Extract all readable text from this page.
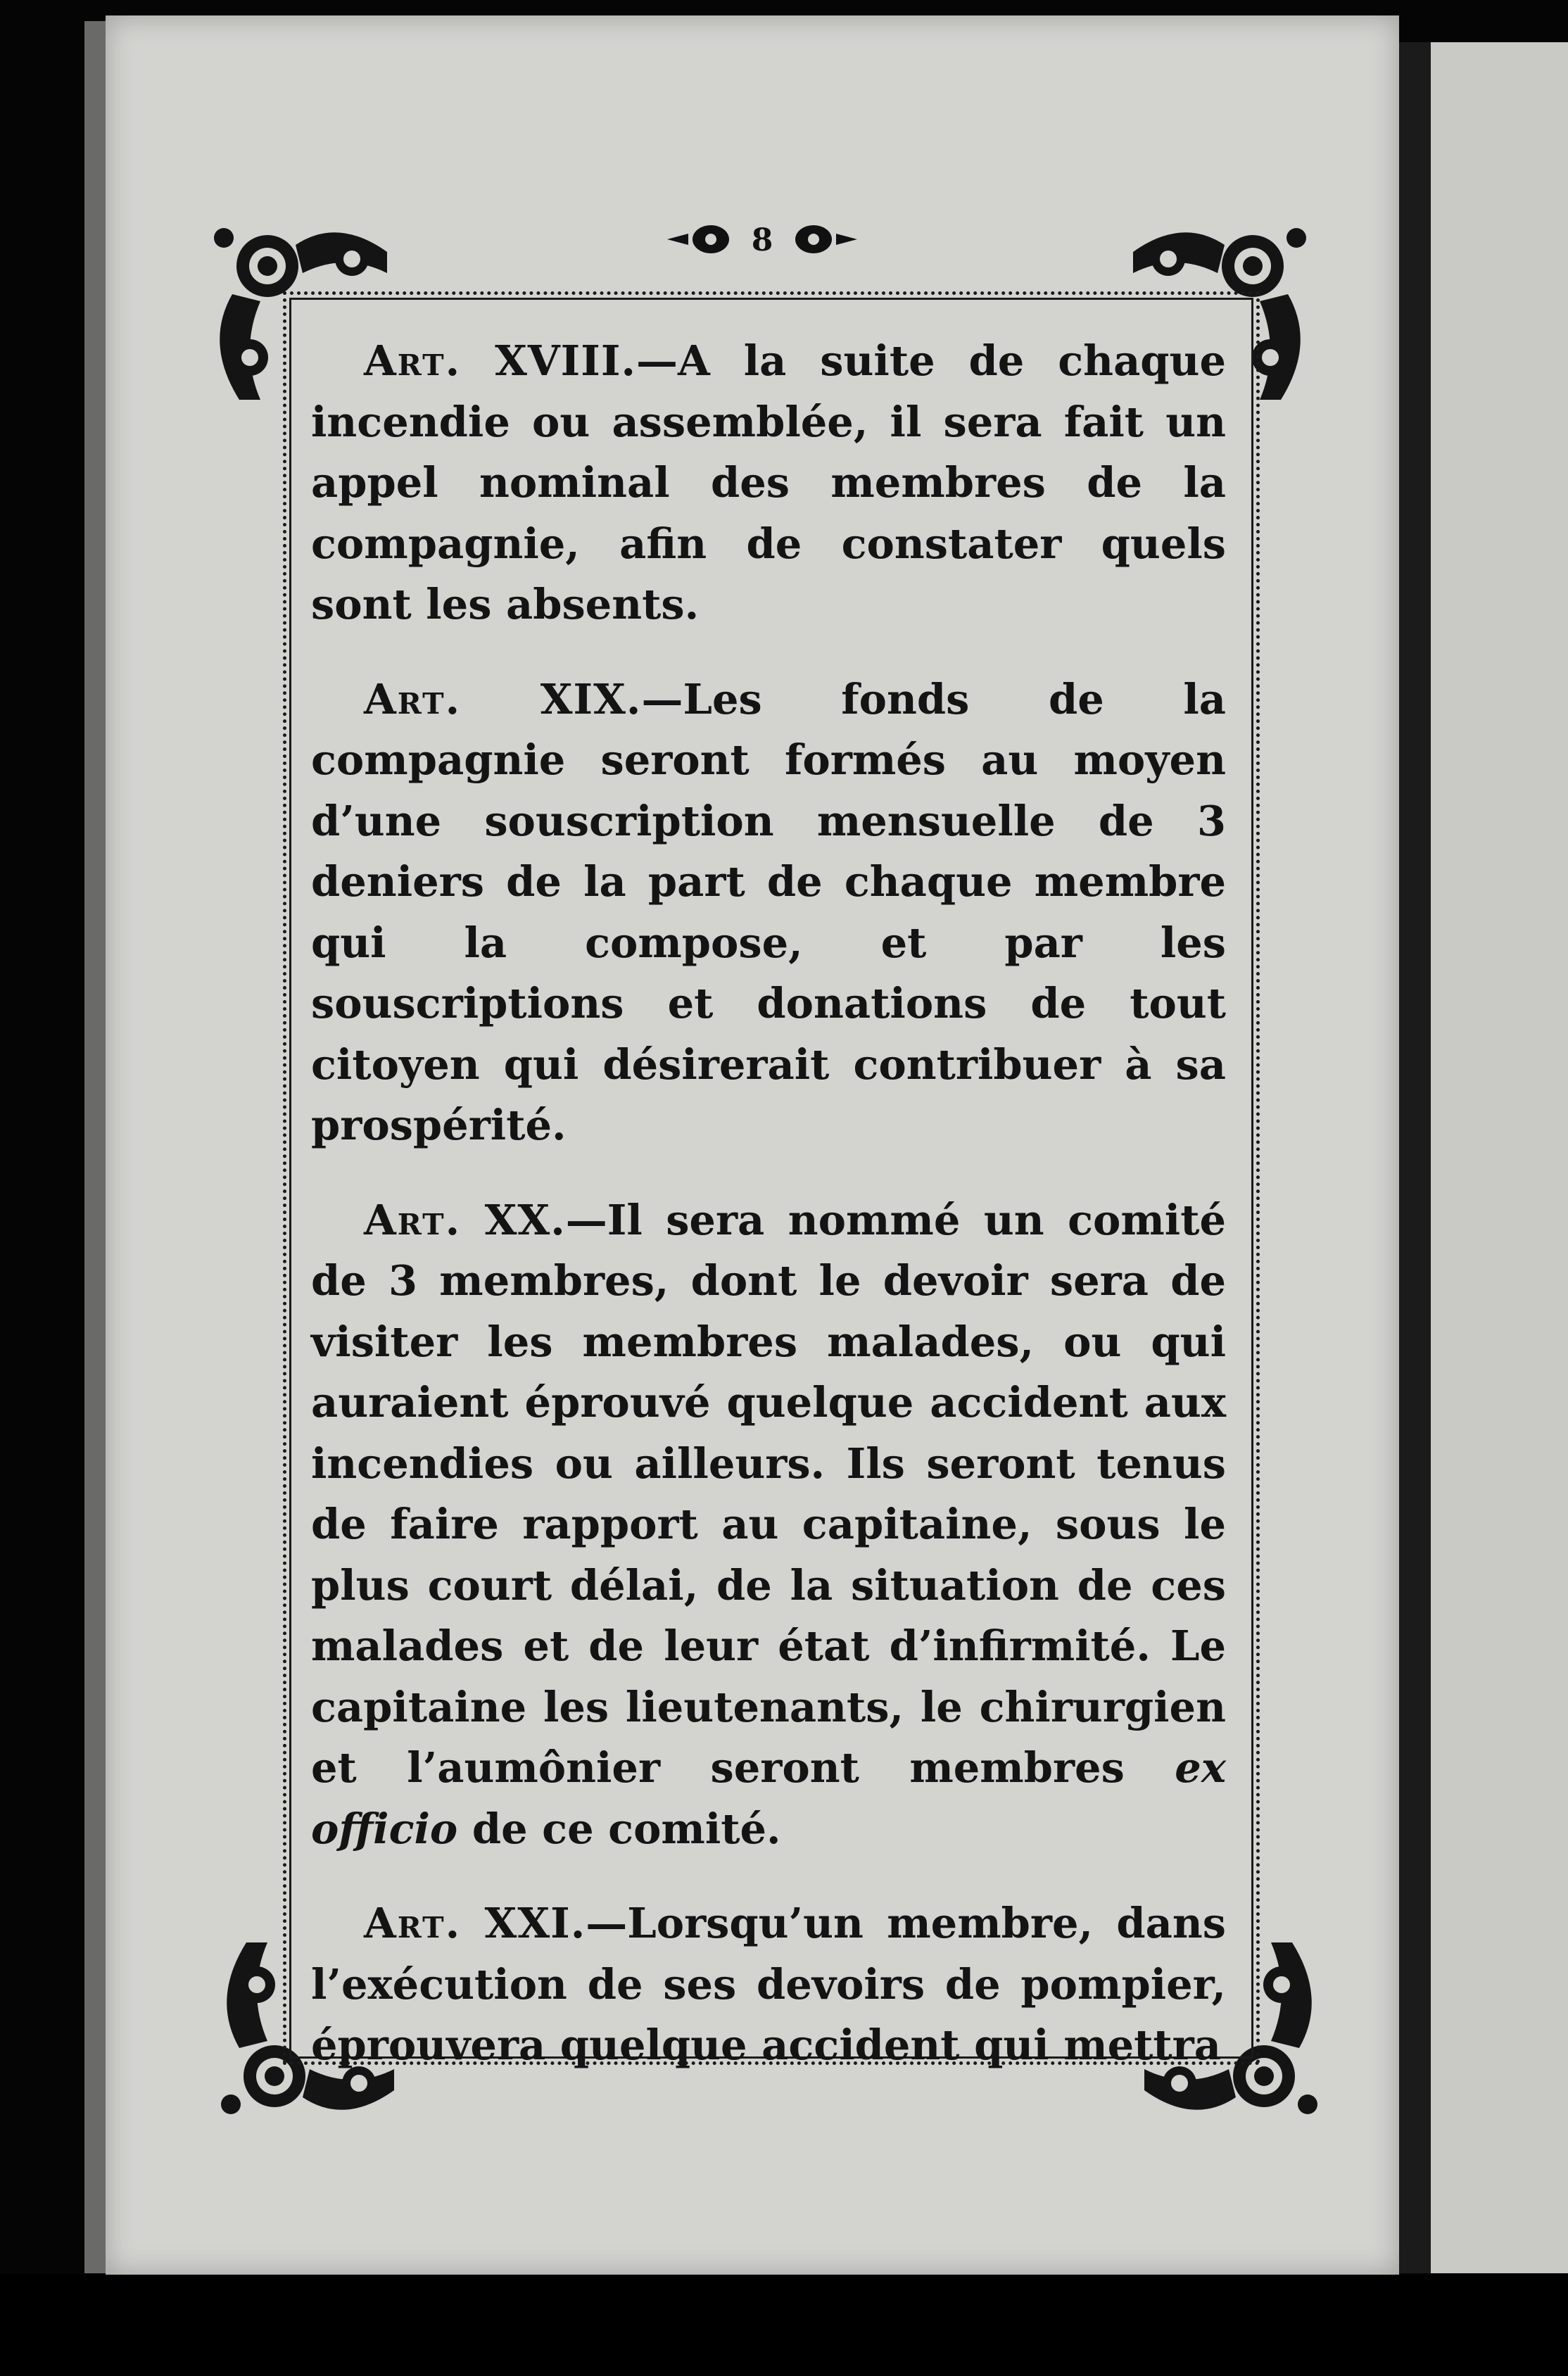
8

Art. XVIII.—A la suite de chaque incendie ou assemblée, il sera fait un appel nominal des membres de la compagnie, afin de constater quels sont les absents.

Art. XIX.—Les fonds de la compagnie seront formés au moyen d’une souscription mensuelle de 3 deniers de la part de chaque membre qui la compose, et par les souscriptions et donations de tout citoyen qui désirerait contribuer à sa prospérité.

Art. XX.—Il sera nommé un comité de 3 membres, dont le devoir sera de visiter les membres malades, ou qui auraient éprouvé quelque accident aux incendies ou ailleurs. Ils seront tenus de faire rapport au capitaine, sous le plus court délai, de la situation de ces malades et de leur état d’infirmité. Le capitaine les lieutenants, le chirurgien et l’aumônier seront membres ex officio de ce comité.

Art. XXI.—Lorsqu’un membre, dans l’exécution de ses devoirs de pompier, éprouvera quelque accident qui mettra
